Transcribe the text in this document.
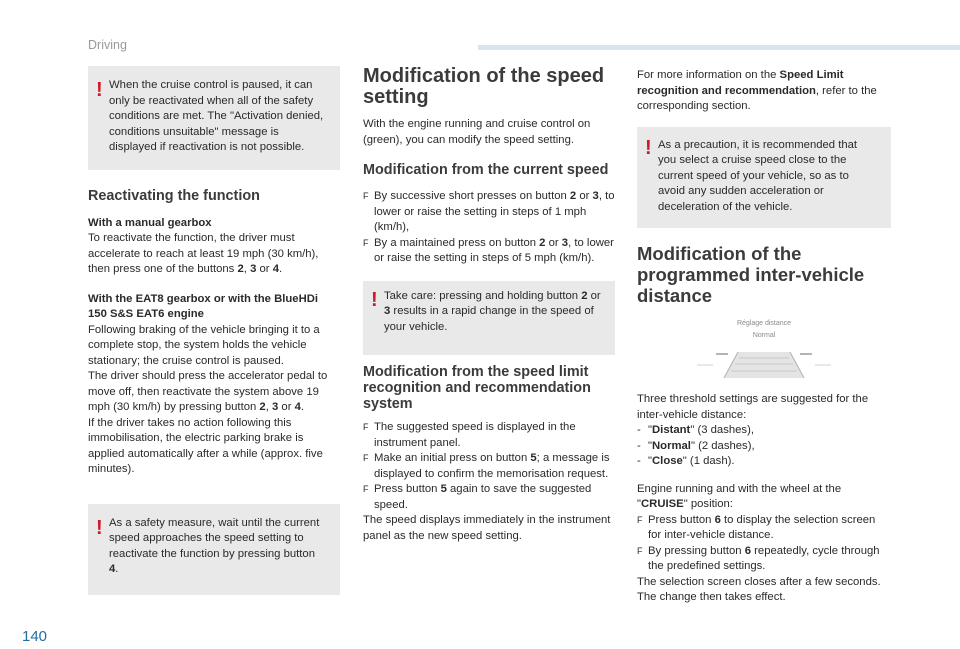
Driving
! When the cruise control is paused, it can only be reactivated when all of the safety conditions are met. The "Activation denied, conditions unsuitable" message is displayed if reactivation is not possible.

Reactivating the function

With a manual gearbox

To reactivate the function, the driver must accelerate to reach at least 19 mph (30 km/h), then press one of the buttons 2, 3 or 4.

With the EAT8 gearbox or with the BlueHDi 150 S&S EAT6 engine

Following braking of the vehicle bringing it to a complete stop, the system holds the vehicle stationary; the cruise control is paused.

The driver should press the accelerator pedal to move off, then reactivate the system above 19 mph (30 km/h) by pressing button 2, 3 or 4.

If the driver takes no action following this immobilisation, the electric parking brake is applied automatically after a while (approx. five minutes).

! As a safety measure, wait until the current speed approaches the speed setting to reactivate the function by pressing button 4.

Modification of the speed setting

With the engine running and cruise control on (green), you can modify the speed setting.

Modification from the current speed
F By successive short presses on button 2 or 3, to lower or raise the setting in steps of 1 mph (km/h),

F By a maintained press on button 2 or 3, to lower or raise the setting in steps of 5 mph (km/h).

! Take care: pressing and holding button 2 or 3 results in a rapid change in the speed of your vehicle.

Modification from the speed limit recognition and recommendation system
F The suggested speed is displayed in the instrument panel.

F Make an initial press on button 5; a message is displayed to confirm the memorisation request.

F Press button 5 again to save the suggested speed.

The speed displays immediately in the instrument panel as the new speed setting.

For more information on the Speed Limit recognition and recommendation, refer to the corresponding section.

! As a precaution, it is recommended that you select a cruise speed close to the current speed of your vehicle, so as to avoid any sudden acceleration or deceleration of the vehicle.

Modification of the programmed inter-vehicle distance
Réglage distance
Normal

Three threshold settings are suggested for the inter-vehicle distance:

- "Distant" (3 dashes),

- "Normal" (2 dashes),

- "Close" (1 dash).

Engine running and with the wheel at the "CRUISE" position:

F Press button 6 to display the selection screen for inter-vehicle distance.

F By pressing button 6 repeatedly, cycle through the predefined settings.

The selection screen closes after a few seconds.

The change then takes effect.

140
